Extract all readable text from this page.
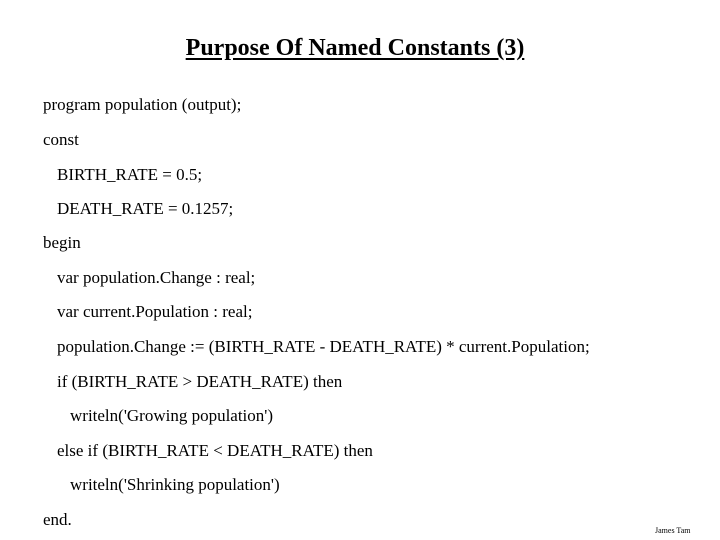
Purpose Of Named Constants (3)
program population (output);
const
BIRTH_RATE = 0.5;
DEATH_RATE = 0.1257;
begin
var population.Change : real;
var current.Population : real;
population.Change := (BIRTH_RATE - DEATH_RATE) * current.Population;
if (BIRTH_RATE > DEATH_RATE) then
writeln('Growing population')
else if (BIRTH_RATE < DEATH_RATE) then
writeln('Shrinking population')
end.
James Tam
